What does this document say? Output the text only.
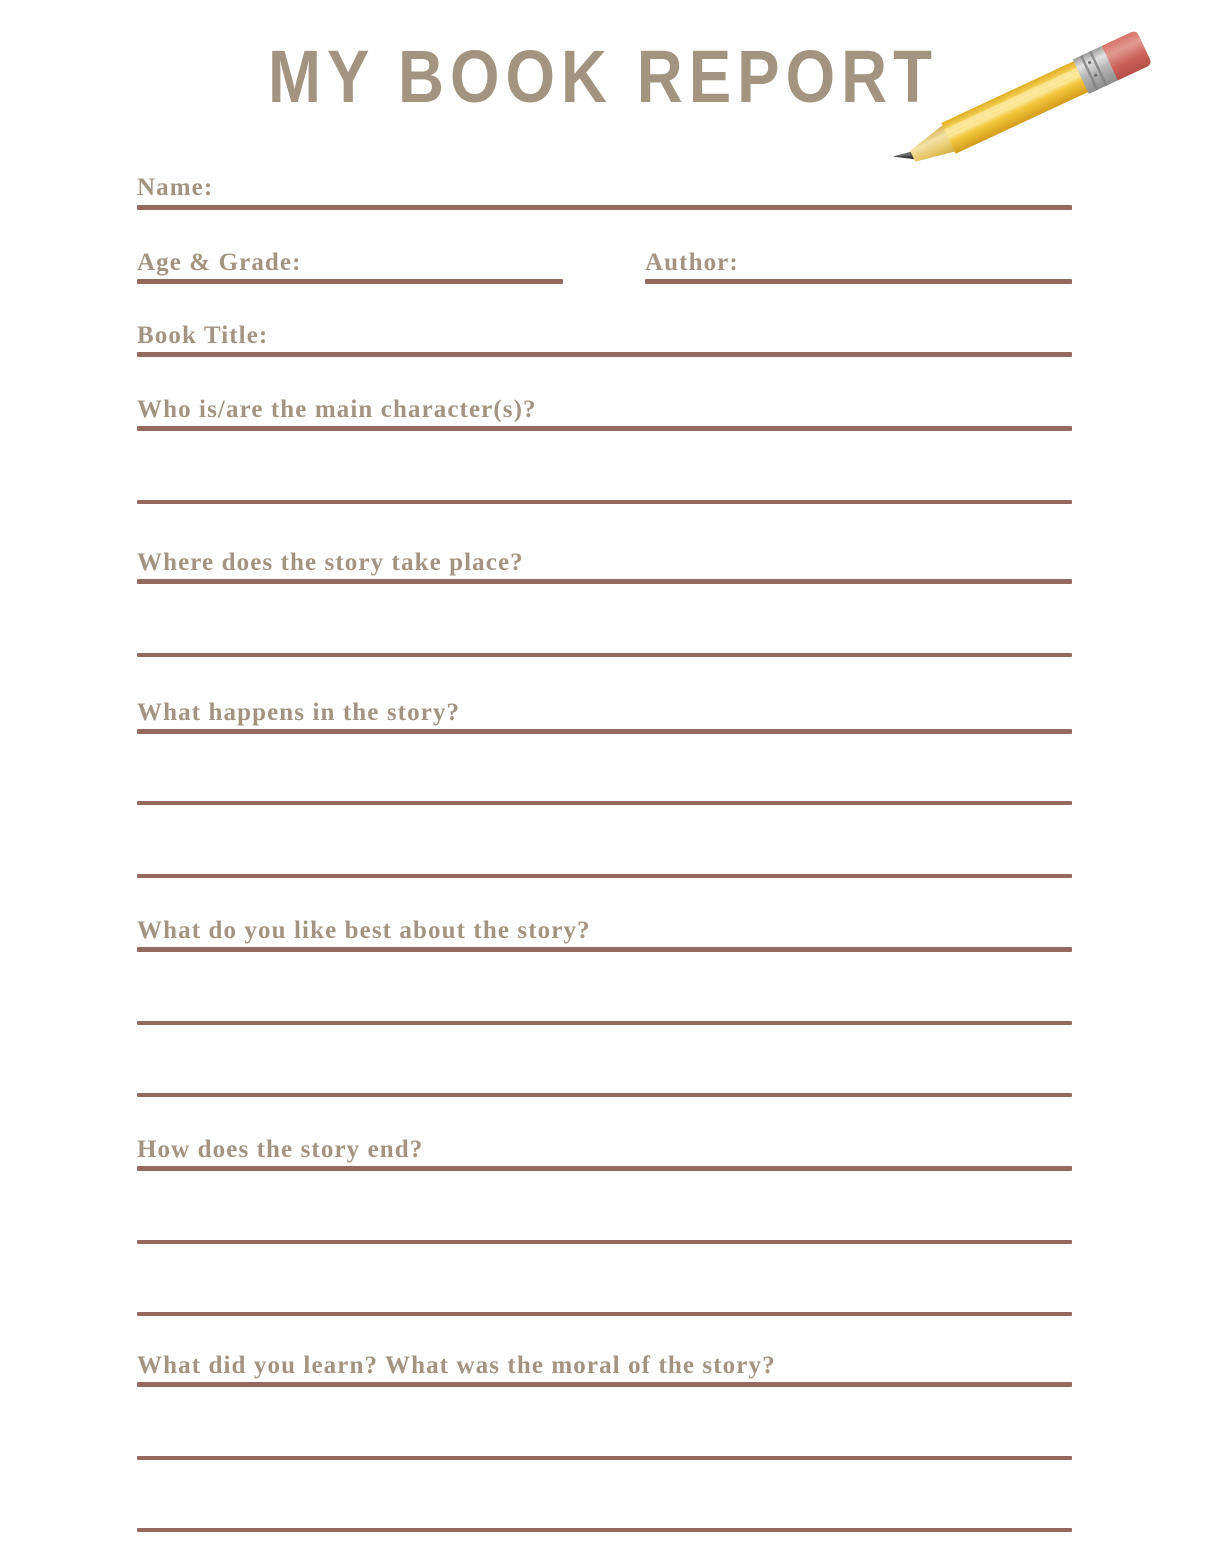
MY BOOK REPORT
Name:
Age & Grade:	Author:
Book Title:
Who is/are the main character(s)?
Where does the story take place?
What happens in the story?
What do you like best about the story?
How does the story end?
What did you learn? What was the moral of the story?
